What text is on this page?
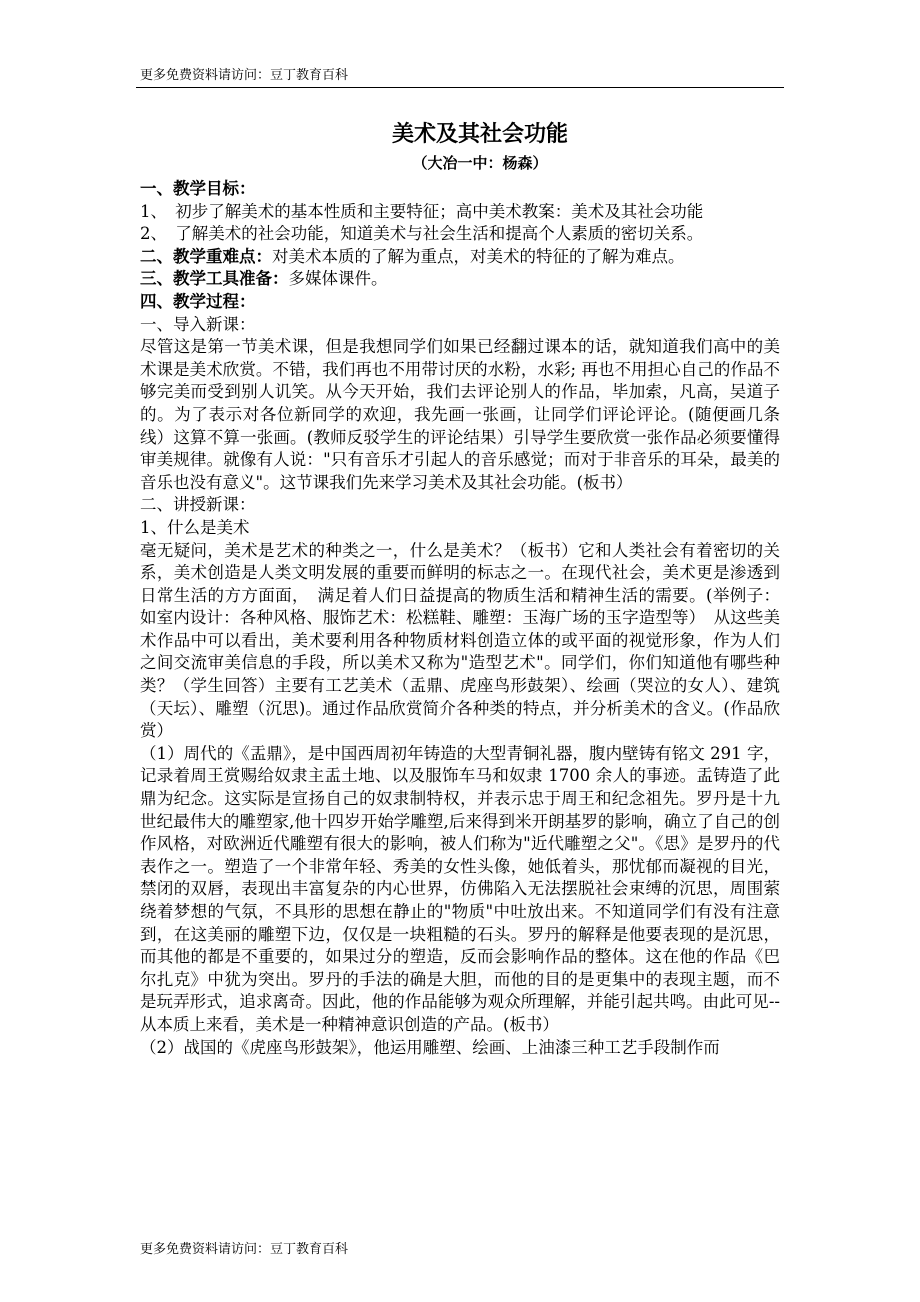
更多免费资料请访问：豆丁教育百科

美术及其社会功能

（大冶一中：杨森）

一、教学目标：

1、　初步了解美术的基本性质和主要特征；高中美术教案：美术及其社会功能

2、　了解美术的社会功能，知道美术与社会生活和提高个人素质的密切关系。

二、教学重难点：对美术本质的了解为重点，对美术的特征的了解为难点。

三、教学工具准备：多媒体课件。

四、教学过程：

一、导入新课：

尽管这是第一节美术课，但是我想同学们如果已经翻过课本的话，就知道我们高中的美术课是美术欣赏。不错，我们再也不用带讨厌的水粉，水彩; 再也不用担心自己的作品不够完美而受到别人讥笑。从今天开始，我们去评论别人的作品，毕加索，凡高，吴道子的。为了表示对各位新同学的欢迎，我先画一张画，让同学们评论评论。(随便画几条线）这算不算一张画。(教师反驳学生的评论结果）引导学生要欣赏一张作品必须要懂得审美规律。就像有人说："只有音乐才引起人的音乐感觉；而对于非音乐的耳朵，最美的音乐也没有意义"。这节课我们先来学习美术及其社会功能。(板书）

二、讲授新课：

1、什么是美术

毫无疑问，美术是艺术的种类之一，什么是美术？（板书）它和人类社会有着密切的关系，美术创造是人类文明发展的重要而鲜明的标志之一。在现代社会，美术更是渗透到日常生活的方方面面，　满足着人们日益提高的物质生活和精神生活的需要。(举例子：如室内设计：各种风格、服饰艺术：松糕鞋、雕塑：玉海广场的玉字造型等）　从这些美术作品中可以看出，美术要利用各种物质材料创造立体的或平面的视觉形象，作为人们之间交流审美信息的手段，所以美术又称为"造型艺术"。同学们，你们知道他有哪些种类？（学生回答）主要有工艺美术（盂鼎、虎座鸟形鼓架）、绘画（哭泣的女人）、建筑（天坛）、雕塑（沉思)。通过作品欣赏简介各种类的特点，并分析美术的含义。(作品欣赏）

（1）周代的《盂鼎》，是中国西周初年铸造的大型青铜礼器，腹内壁铸有铭文 291 字，记录着周王赏赐给奴隶主盂土地、以及服饰车马和奴隶 1700 余人的事迹。盂铸造了此鼎为纪念。这实际是宣扬自己的奴隶制特权，并表示忠于周王和纪念祖先。罗丹是十九世纪最伟大的雕塑家,他十四岁开始学雕塑,后来得到米开朗基罗的影响，确立了自己的创作风格，对欧洲近代雕塑有很大的影响，被人们称为"近代雕塑之父"。《思》是罗丹的代表作之一。塑造了一个非常年轻、秀美的女性头像，她低着头，那忧郁而凝视的目光，禁闭的双唇，表现出丰富复杂的内心世界，仿佛陷入无法摆脱社会束缚的沉思，周围萦绕着梦想的气氛，不具形的思想在静止的"物质"中吐放出来。不知道同学们有没有注意到，在这美丽的雕塑下边，仅仅是一块粗糙的石头。罗丹的解释是他要表现的是沉思，而其他的都是不重要的，如果过分的塑造，反而会影响作品的整体。这在他的作品《巴尔扎克》中犹为突出。罗丹的手法的确是大胆，而他的目的是更集中的表现主题，而不是玩弄形式，追求离奇。因此，他的作品能够为观众所理解，并能引起共鸣。由此可见--从本质上来看，美术是一种精神意识创造的产品。(板书）

（2）战国的《虎座鸟形鼓架》，他运用雕塑、绘画、上油漆三种工艺手段制作而

更多免费资料请访问：豆丁教育百科
